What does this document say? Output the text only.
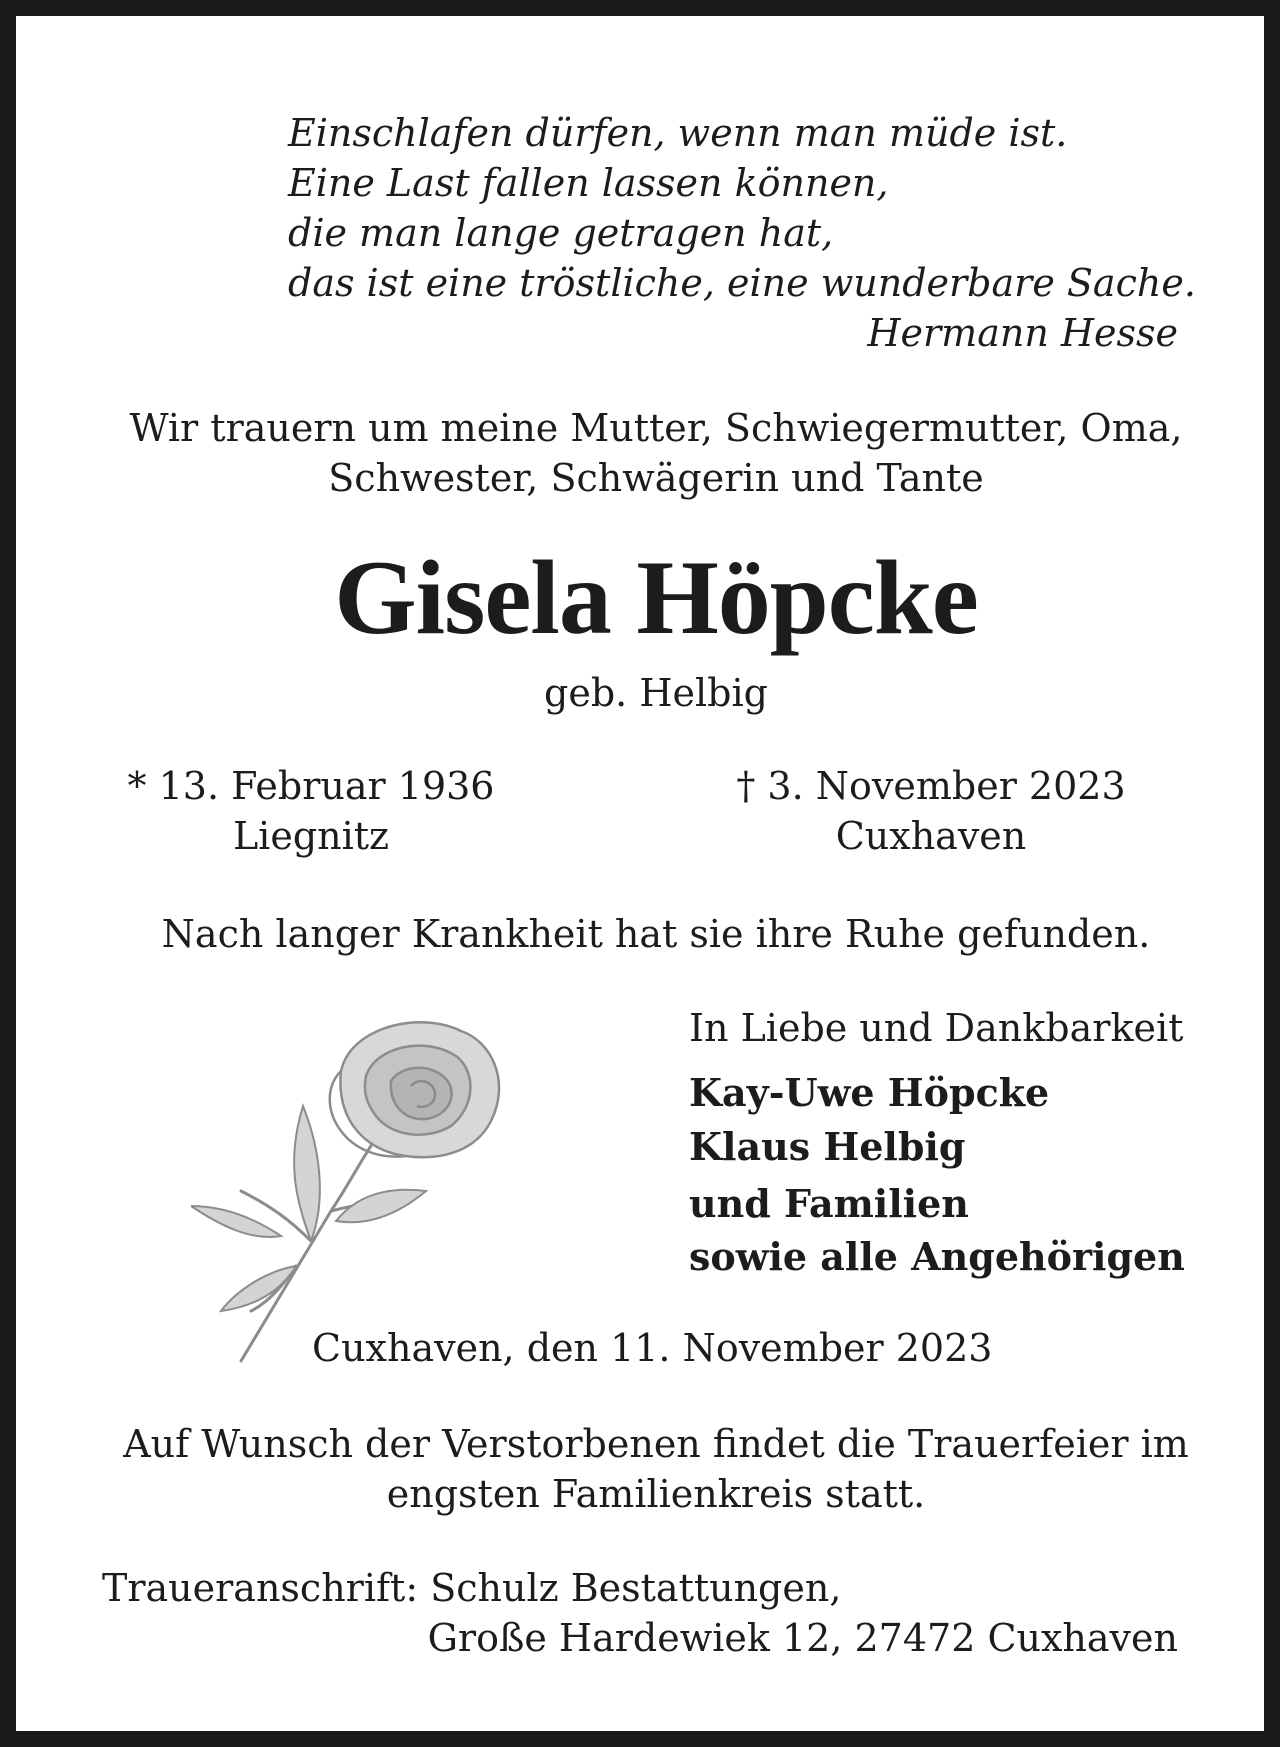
Einschlafen dürfen, wenn man müde ist.
Eine Last fallen lassen können,
die man lange getragen hat,
das ist eine tröstliche, eine wunderbare Sache.
Hermann Hesse
Wir trauern um meine Mutter, Schwiegermutter, Oma,
Schwester, Schwägerin und Tante
Gisela Höpcke
geb. Helbig
* 13. Februar 1936
Liegnitz
† 3. November 2023
Cuxhaven
Nach langer Krankheit hat sie ihre Ruhe gefunden.
In Liebe und Dankbarkeit
Kay-Uwe Höpcke
Klaus Helbig
und Familien
sowie alle Angehörigen
Cuxhaven, den 11. November 2023
Auf Wunsch der Verstorbenen findet die Trauerfeier im
engsten Familienkreis statt.
Traueranschrift: Schulz Bestattungen,
Große Hardewiek 12, 27472 Cuxhaven
